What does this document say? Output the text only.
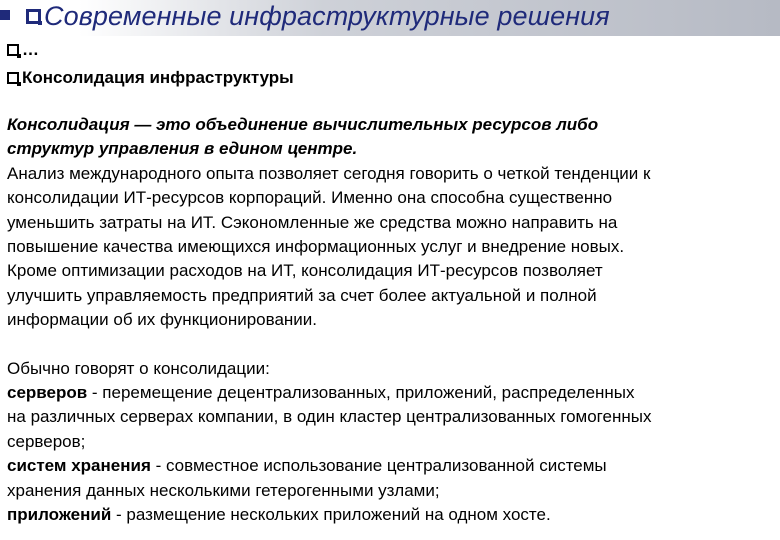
Современные инфраструктурные решения
…
Консолидация инфраструктуры

Консолидация — это объединение вычислительных ресурсов либо

структур управления в едином центре.

Анализ международного опыта позволяет сегодня говорить о четкой тенденции к

консолидации ИТ-ресурсов корпораций. Именно она способна существенно

уменьшить затраты на ИТ. Сэкономленные же средства можно направить на

повышение качества имеющихся информационных услуг и внедрение новых.

Кроме оптимизации расходов на ИТ, консолидация ИТ-ресурсов позволяет

улучшить управляемость предприятий за счет более актуальной и полной

информации об их функционировании.

Обычно говорят о консолидации:

серверов - перемещение децентрализованных, приложений, распределенных

на различных серверах компании, в один кластер централизованных гомогенных

серверов;

систем хранения - совместное использование централизованной системы

хранения данных несколькими гетерогенными узлами;

приложений - размещение нескольких приложений на одном хосте.
